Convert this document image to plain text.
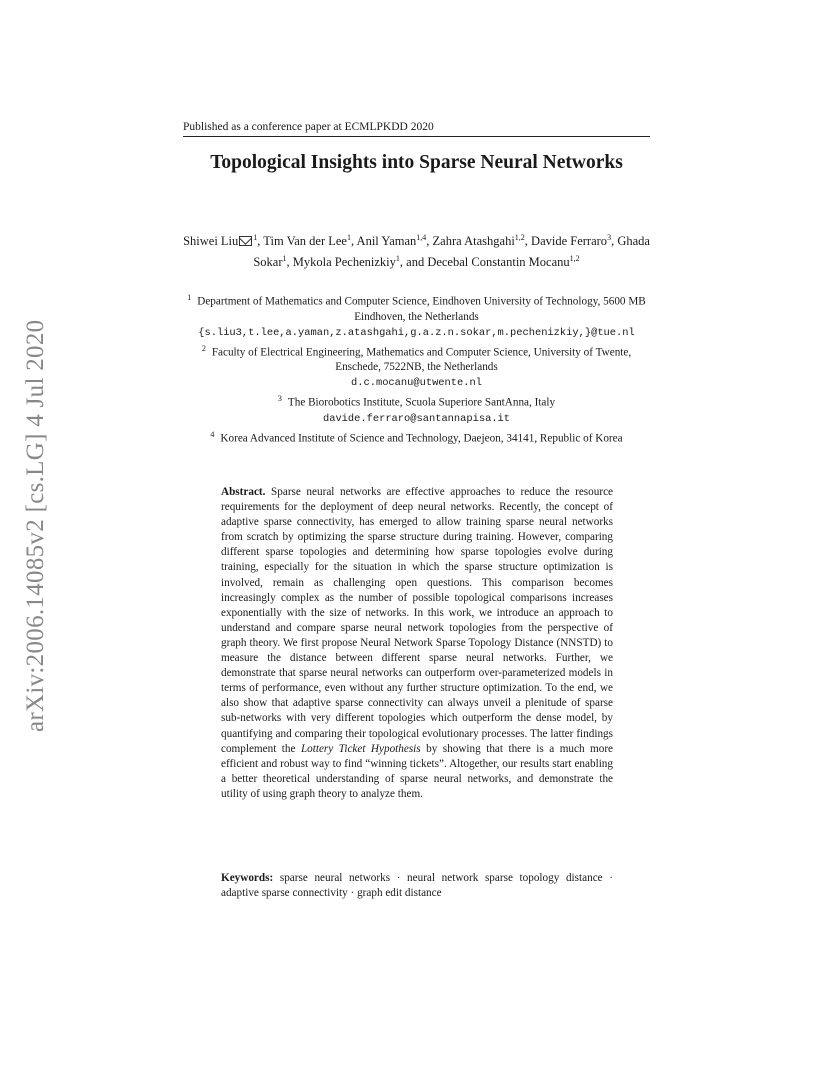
arXiv:2006.14085v2 [cs.LG] 4 Jul 2020
Published as a conference paper at ECMLPKDD 2020
Topological Insights into Sparse Neural Networks
Shiwei Liu $^1$, Tim Van der Lee$^1$, Anil Yaman$^{1,4}$, Zahra Atashgahi$^{1,2}$, Davide Ferraro$^3$, Ghada Sokar$^1$, Mykola Pechenizkiy$^1$, and Decebal Constantin Mocanu$^{1,2}$

$^1$ Department of Mathematics and Computer Science, Eindhoven University of Technology, 5600 MB Eindhoven, the Netherlands
{s.liu3,t.lee,a.yaman,z.atashgahi,g.a.z.n.sokar,m.pechenizkiy,}@tue.nl

$^2$ Faculty of Electrical Engineering, Mathematics and Computer Science, University of Twente, Enschede, 7522NB, the Netherlands
d.c.mocanu@utwente.nl

$^3$ The Biorobotics Institute, Scuola Superiore SantAnna, Italy
davide.ferraro@santannapisa.it

$^4$ Korea Advanced Institute of Science and Technology, Daejeon, 34141, Republic of Korea

Abstract. Sparse neural networks are effective approaches to reduce the resource requirements for the deployment of deep neural networks. Recently, the concept of adaptive sparse connectivity, has emerged to allow training sparse neural networks from scratch by optimizing the sparse structure during training. However, comparing different sparse topologies and determining how sparse topologies evolve during training, especially for the situation in which the sparse structure optimization is involved, remain as challenging open questions. This comparison becomes increasingly complex as the number of possible topological comparisons increases exponentially with the size of networks. In this work, we introduce an approach to understand and compare sparse neural network topologies from the perspective of graph theory. We first propose Neural Network Sparse Topology Distance (NNSTD) to measure the distance between different sparse neural networks. Further, we demonstrate that sparse neural networks can outperform over-parameterized models in terms of performance, even without any further structure optimization. To the end, we also show that adaptive sparse connectivity can always unveil a plenitude of sparse sub-networks with very different topologies which outperform the dense model, by quantifying and comparing their topological evolutionary processes. The latter findings complement the Lottery Ticket Hypothesis by showing that there is a much more efficient and robust way to find “winning tickets”. Altogether, our results start enabling a better theoretical understanding of sparse neural networks, and demonstrate the utility of using graph theory to analyze them.
Keywords: sparse neural networks · neural network sparse topology distance · adaptive sparse connectivity · graph edit distance
